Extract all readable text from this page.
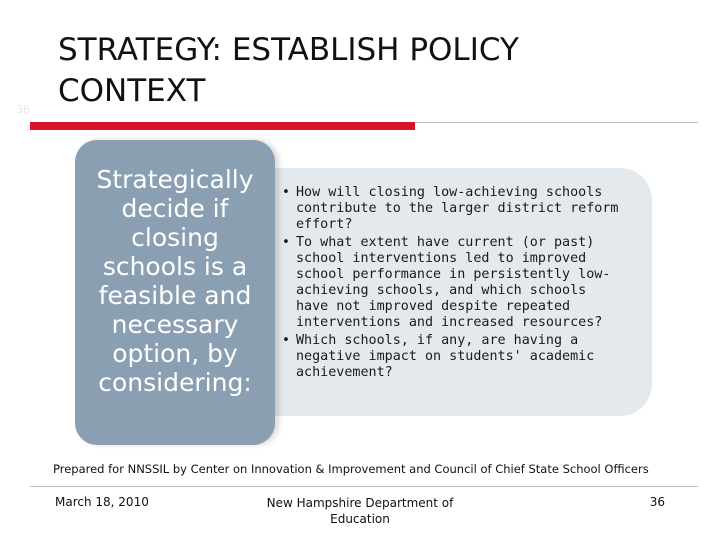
36
STRATEGY: ESTABLISH POLICY CONTEXT
Strategically decide if closing schools is a feasible and necessary option, by considering:
• How will closing low-achieving schools contribute to the larger district reform effort?
• To what extent have current (or past) school interventions led to improved school performance in persistently low-achieving schools, and which schools have not improved despite repeated interventions and increased resources?
• Which schools, if any, are having a negative impact on students' academic achievement?
Prepared for NNSSIL by Center on Innovation & Improvement and Council of Chief State School Officers
March 18, 2010	New Hampshire Department of Education
36
